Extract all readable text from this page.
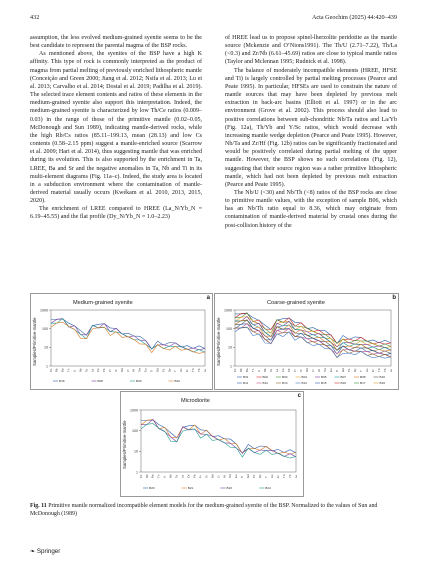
432	Acta Geochim (2025) 44:420–439

assumption, the less evolved medium-grained syenite seems to be the best candidate to represent the parental magma of the BSP rocks.

As mentioned above, the syenites of the BSP have a high K affinity. This type of rock is commonly interpreted as the product of magma from partial melting of previously enriched lithospheric mantle (Conceição and Green 2000; Jiang et al. 2012; Nsifa et al. 2013; Lu et al. 2013; Carvalho et al. 2014; Dostal et al. 2019; Padilha et al. 2019). The selected trace element contents and ratios of these elements in the medium-grained syenite also support this interpretation. Indeed, the medium-grained syenite is characterized by low Th/Ce ratios (0.009–0.03) in the range of those of the primitive mantle (0.02–0.05, McDonough and Sun 1989), indicating mantle-derived rocks, while the high Rb/Cs ratios (85.11–199.13, mean (28.13) and low Cs contents (0.58–2.15 ppm) suggest a mantle-enriched source (Scarrow et al. 2009; Hari et al. 2014), thus suggesting mantle that was enriched during its evolution. This is also supported by the enrichment in Ta, LREE, Ba and Sr and the negative anomalies in Ta, Nb and Ti in its multi-element diagrams (Fig. 11a–c). Indeed, the study area is located in a subduction environment where the contamination of mantle-derived material usually occurs (Kwékam et al. 2010, 2013, 2015, 2020).

The enrichment of LREE compared to HREE (La_N/Yb_N = 6.19–45.55) and the flat profile (Dy_N/Yb_N = 1.0–2.23)

of HREE lead us to propose spinel-lherzolite peridotite as the mantle source (Mckenzie and O’Nions1991). The Th/U (2.71–7.22), Th/La (<0.3) and Zr/Nb (6.61–45.69) ratios are close to typical mantle ratios (Taylor and Mclennan 1995; Rudnick et al. 1998).

The balance of moderately incompatible elements (HREE, HFSE and Ti) is largely controlled by partial melting processes (Pearce and Peate 1995). In particular, HFSEs are used to constrain the nature of mantle sources that may have been depleted by previous melt extraction in back-arc basins (Elliott et al. 1997) or in the arc environment (Grove et al. 2002). This process should also lead to positive correlations between sub-chondritic Nb/Ta ratios and La/Yb (Fig. 12a), Th/Yb and Y/Sc ratios, which would decrease with increasing mantle wedge depletion (Pearce and Peate 1995). However, Nb/Ta and Zr/Hf (Fig. 12b) ratios can be significantly fractionated and would be positively correlated during partial melting of the upper mantle. However, the BSP shows no such correlations (Fig. 12), suggesting that their source region was a rather primitive lithospheric mantle, which had not been depleted by previous melt extraction (Pearce and Peate 1995).

The Nb/U (<30) and Nb/Th (<8) ratios of the BSP rocks are close to primitive mantle values, with the exception of sample B06, which has an Nb/Th ratio equal to 8.36, which may originate from contamination of mantle-derived material by crustal ones during the post-collision history of the

Medium-grained syenite
a
Samples/Primitive mantle
1000
100
10
1
Cs Rb Ba Th U Nb Ta La Ce Pb Pr Sr Nd Zr Hf Sm Eu Ti Gd Tb Dy Y Ho Er Tm Yb Lu
B18	B06	B09	B22
Coarse-grained syenite
b
Samples/Primitive mantle
1000
100
10
1
Cs Rb Ba Th U Nb Ta La Ce Pb Pr Sr Nd Zr Hf Sm Eu Ti Gd Tb Dy Y Ho Er Tm Yb Lu
B01	B02	B03	B04	B05	B07	B08	B10
B11	B12	B13	B14	B15	B16	B17	B19
Microdiorite
c
Samples/Primitive mantle
1000
100
10
1
Cs Rb Ba Th U Nb Ta La Ce Pb Pr Sr Nd Zr Hf Sm Eu Ti Gd Tb Dy Y Ho Er Tm Yb Lu
B20	B21	B23	B24
Fig. 11 Primitive mantle normalized incompatible element models for the medium-grained syenite of the BSP. Normalized to the values of Sun and McDonough (1989)
❧ Springer
